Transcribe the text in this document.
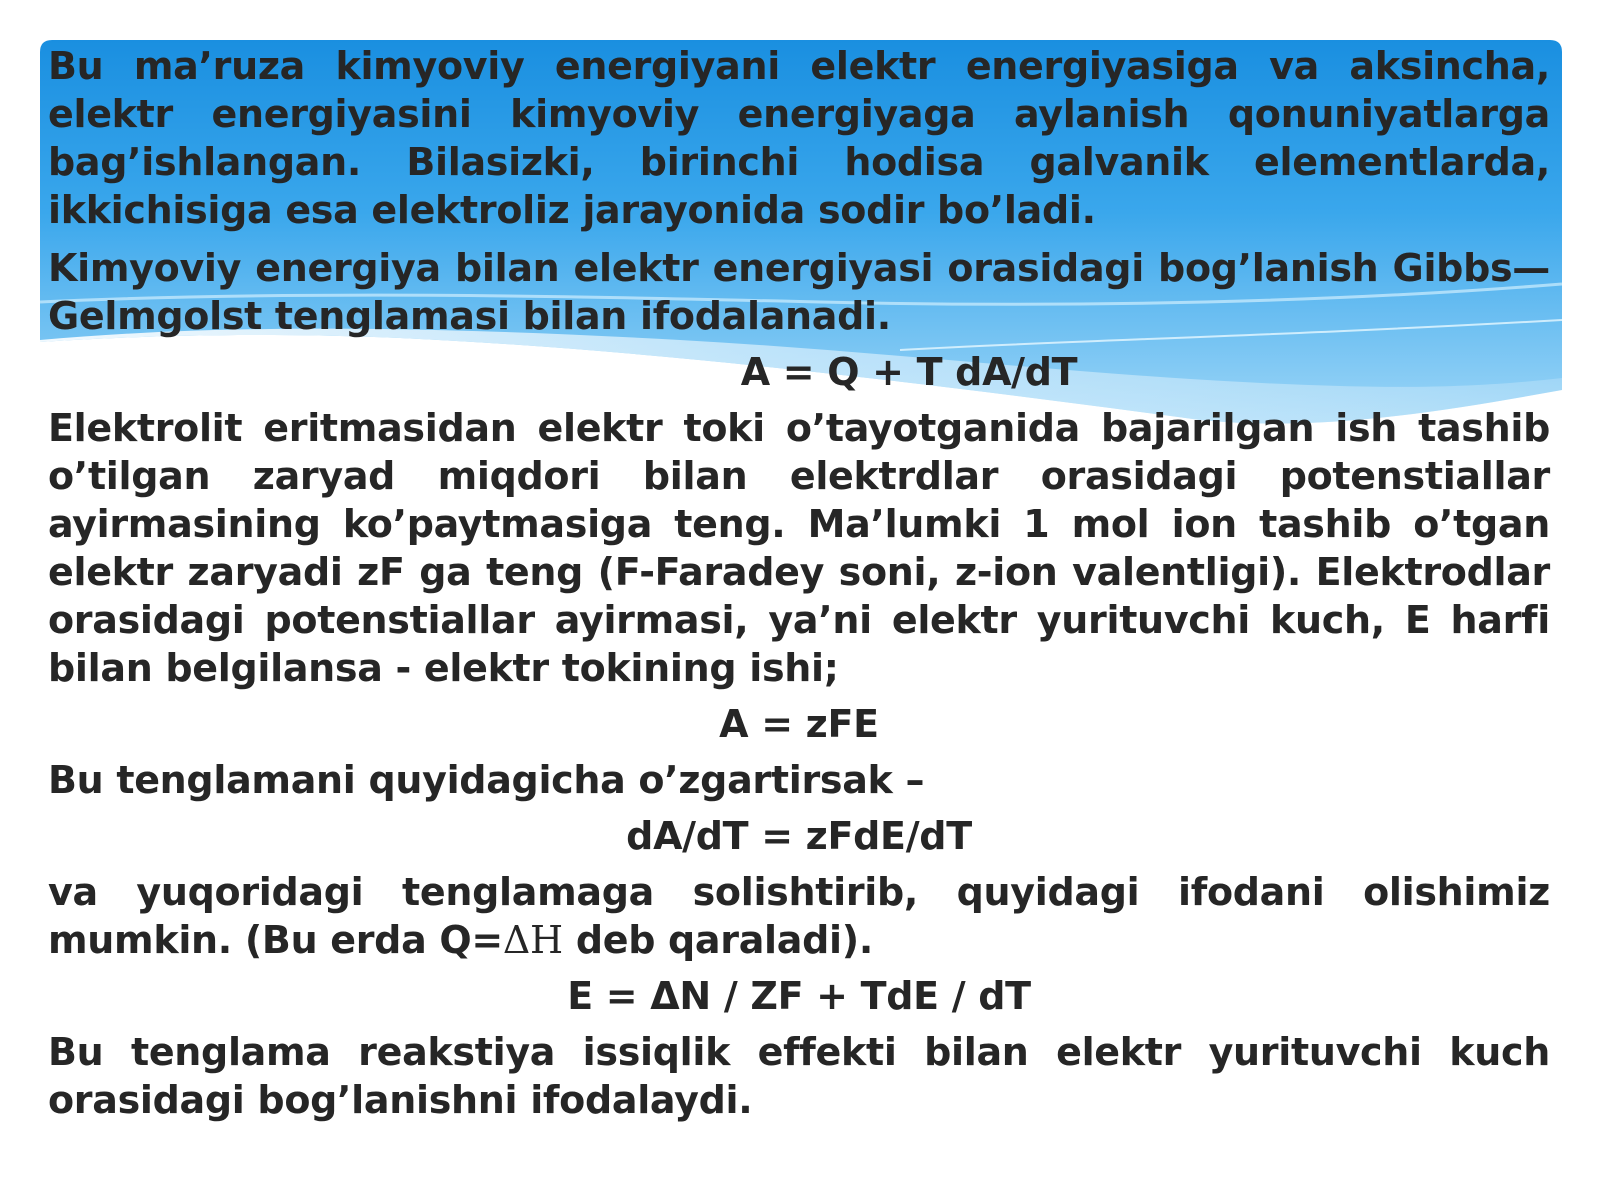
Bu ma’ruza kimyoviy energiyani elektr energiyasiga va aksincha, elektr energiyasini kimyoviy energiyaga aylanish qonuniyatlarga bag’ishlangan. Bilasizki, birinchi hodisa galvanik elementlarda, ikkichisiga esa elektroliz jarayonida sodir bo’ladi.

Kimyoviy energiya bilan elektr energiyasi orasidagi bog’lanish Gibbs—Gelmgolst tenglamasi bilan ifodalanadi.

A = Q + T dA/dT

Elektrolit eritmasidan elektr toki o’tayotganida bajarilgan ish tashib o’tilgan zaryad miqdori bilan elektrdlar orasidagi potenstiallar ayirmasining ko’paytmasiga teng. Ma’lumki 1 mol ion tashib o’tgan elektr zaryadi zF ga teng (F-Faradey soni, z-ion valentligi). Elektrodlar orasidagi potenstiallar ayirmasi, ya’ni elektr yurituvchi kuch, E harfi bilan belgilansa - elektr tokining ishi;

A = zFE

Bu tenglamani quyidagicha o’zgartirsak –

dA/dT = zFdE/dT

va yuqoridagi tenglamaga solishtirib, quyidagi ifodani olishimiz mumkin. (Bu erda Q=ΔH deb qaraladi).

E = ΔN / ZF + TdE / dT

Bu tenglama reakstiya issiqlik effekti bilan elektr yurituvchi kuch orasidagi bog’lanishni ifodalaydi.
